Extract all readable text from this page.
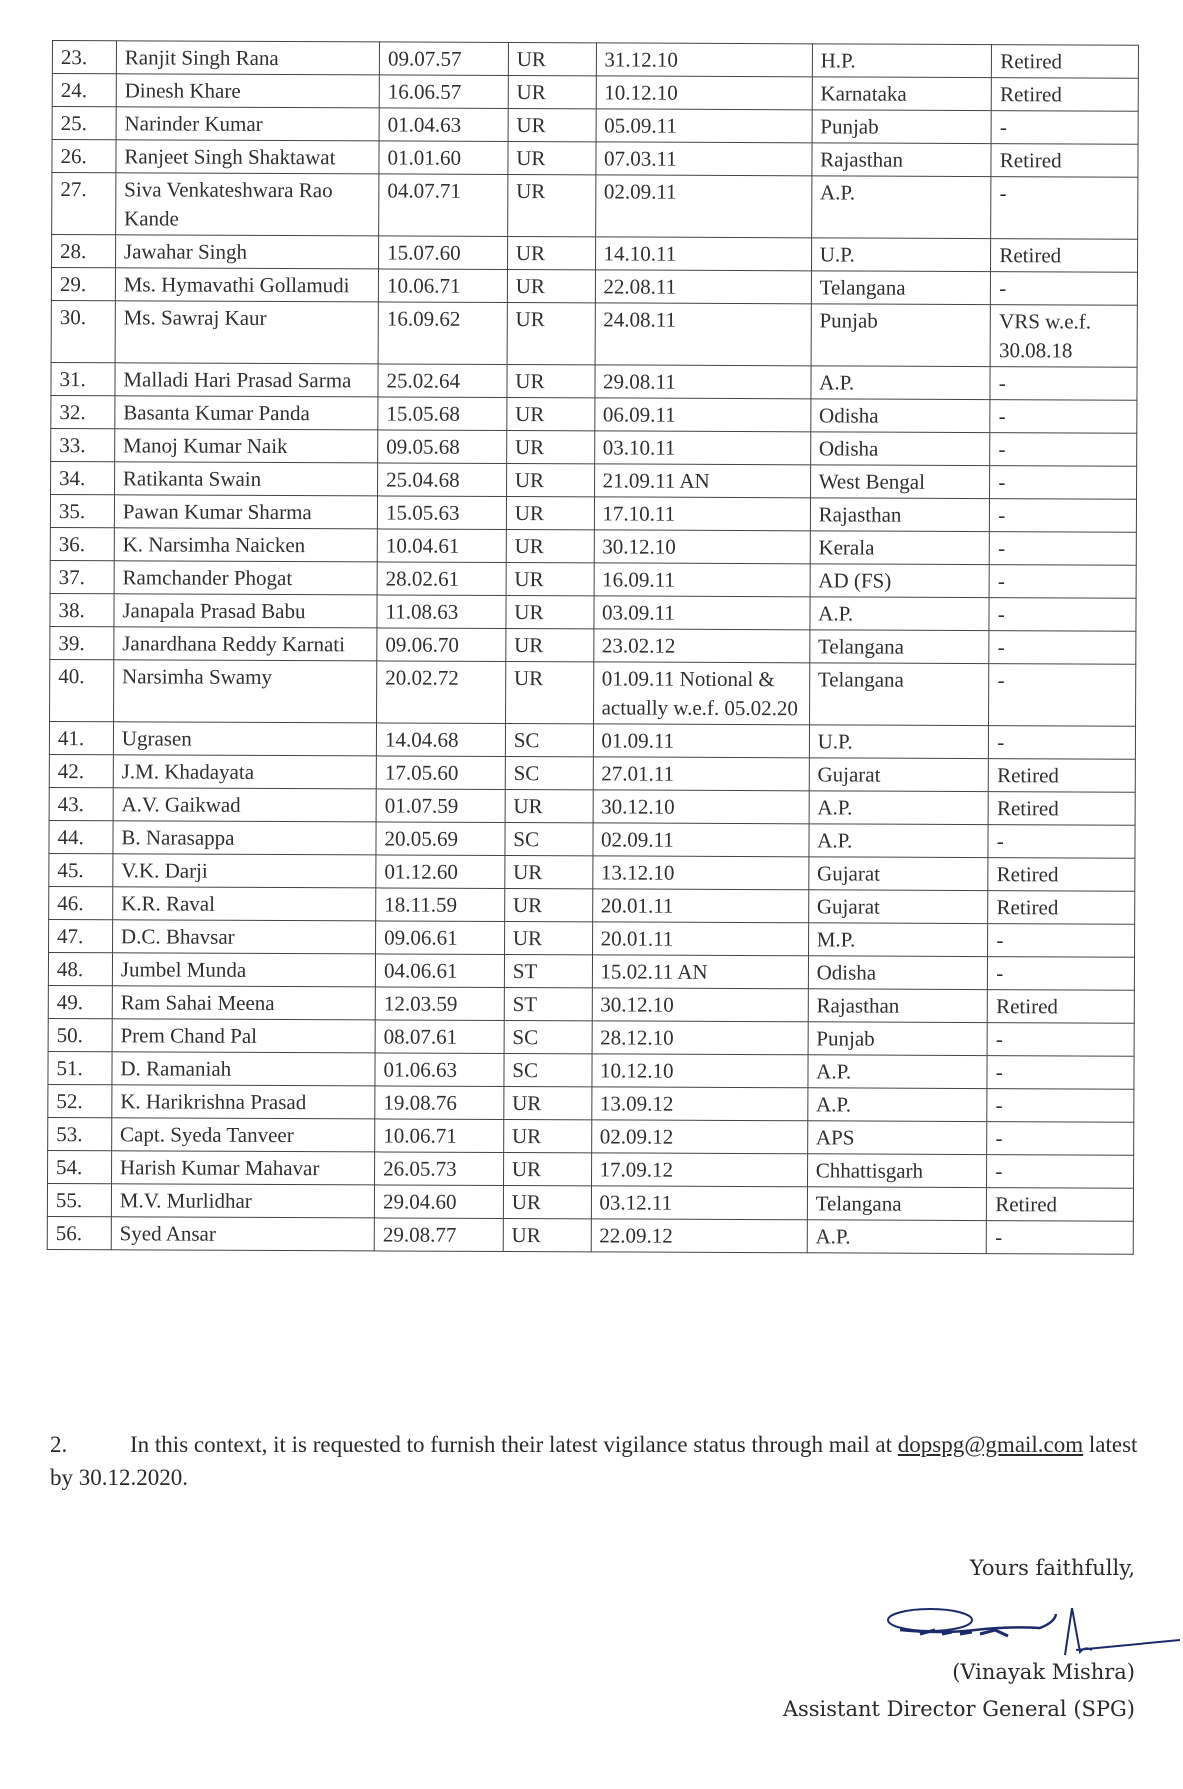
23.	Ranjit Singh Rana	09.07.57	UR	31.12.10	H.P.	Retired
24.	Dinesh Khare	16.06.57	UR	10.12.10	Karnataka	Retired
25.	Narinder Kumar	01.04.63	UR	05.09.11	Punjab	-
26.	Ranjeet Singh Shaktawat	01.01.60	UR	07.03.11	Rajasthan	Retired
27.	Siva Venkateshwara Rao Kande	04.07.71	UR	02.09.11	A.P.	-
28.	Jawahar Singh	15.07.60	UR	14.10.11	U.P.	Retired
29.	Ms. Hymavathi Gollamudi	10.06.71	UR	22.08.11	Telangana	-
30.	Ms. Sawraj Kaur	16.09.62	UR	24.08.11	Punjab	VRS w.e.f. 30.08.18
31.	Malladi Hari Prasad Sarma	25.02.64	UR	29.08.11	A.P.	-
32.	Basanta Kumar Panda	15.05.68	UR	06.09.11	Odisha	-
33.	Manoj Kumar Naik	09.05.68	UR	03.10.11	Odisha	-
34.	Ratikanta Swain	25.04.68	UR	21.09.11 AN	West Bengal	-
35.	Pawan Kumar Sharma	15.05.63	UR	17.10.11	Rajasthan	-
36.	K. Narsimha Naicken	10.04.61	UR	30.12.10	Kerala	-
37.	Ramchander Phogat	28.02.61	UR	16.09.11	AD (FS)	-
38.	Janapala Prasad Babu	11.08.63	UR	03.09.11	A.P.	-
39.	Janardhana Reddy Karnati	09.06.70	UR	23.02.12	Telangana	-
40.	Narsimha Swamy	20.02.72	UR	01.09.11 Notional & actually w.e.f. 05.02.20	Telangana	-
41.	Ugrasen	14.04.68	SC	01.09.11	U.P.	-
42.	J.M. Khadayata	17.05.60	SC	27.01.11	Gujarat	Retired
43.	A.V. Gaikwad	01.07.59	UR	30.12.10	A.P.	Retired
44.	B. Narasappa	20.05.69	SC	02.09.11	A.P.	-
45.	V.K. Darji	01.12.60	UR	13.12.10	Gujarat	Retired
46.	K.R. Raval	18.11.59	UR	20.01.11	Gujarat	Retired
47.	D.C. Bhavsar	09.06.61	UR	20.01.11	M.P.	-
48.	Jumbel Munda	04.06.61	ST	15.02.11 AN	Odisha	-
49.	Ram Sahai Meena	12.03.59	ST	30.12.10	Rajasthan	Retired
50.	Prem Chand Pal	08.07.61	SC	28.12.10	Punjab	-
51.	D. Ramaniah	01.06.63	SC	10.12.10	A.P.	-
52.	K. Harikrishna Prasad	19.08.76	UR	13.09.12	A.P.	-
53.	Capt. Syeda Tanveer	10.06.71	UR	02.09.12	APS	-
54.	Harish Kumar Mahavar	26.05.73	UR	17.09.12	Chhattisgarh	-
55.	M.V. Murlidhar	29.04.60	UR	03.12.11	Telangana	Retired
56.	Syed Ansar	29.08.77	UR	22.09.12	A.P.	-
2.	In this context, it is requested to furnish their latest vigilance status through mail at dopspg@gmail.com latest by 30.12.2020.
Yours faithfully,
(Vinayak Mishra)
Assistant Director General (SPG)
